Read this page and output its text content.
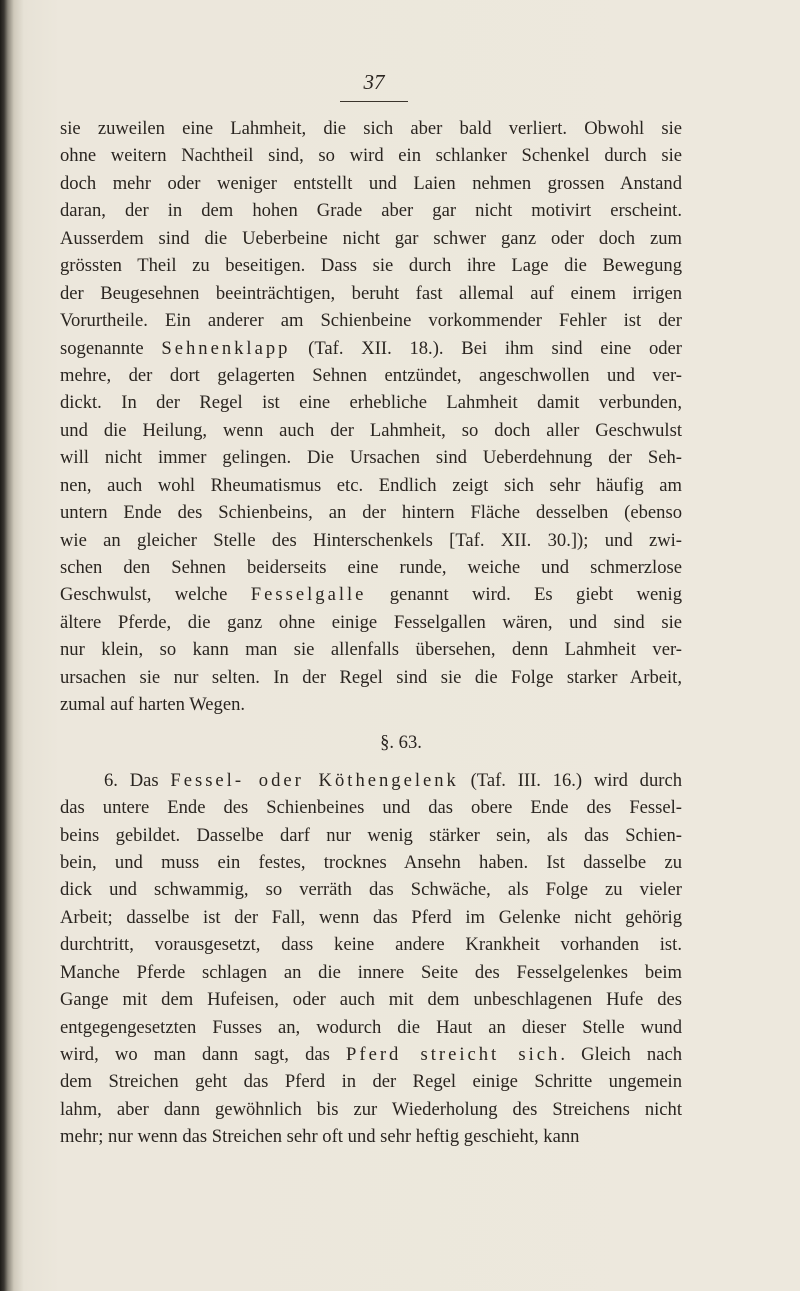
37
sie zuweilen eine Lahmheit, die sich aber bald verliert. Obwohl sie
ohne weitern Nachtheil sind, so wird ein schlanker Schenkel durch sie
doch mehr oder weniger entstellt und Laien nehmen grossen Anstand
daran, der in dem hohen Grade aber gar nicht motivirt erscheint.
Ausserdem sind die Ueberbeine nicht gar schwer ganz oder doch zum
grössten Theil zu beseitigen. Dass sie durch ihre Lage die Bewegung
der Beugesehnen beeinträchtigen, beruht fast allemal auf einem irrigen
Vorurtheile. Ein anderer am Schienbeine vorkommender Fehler ist der
sogenannte Sehnenklapp (Taf. XII. 18.). Bei ihm sind eine oder
mehre, der dort gelagerten Sehnen entzündet, angeschwollen und ver-
dickt. In der Regel ist eine erhebliche Lahmheit damit verbunden,
und die Heilung, wenn auch der Lahmheit, so doch aller Geschwulst
will nicht immer gelingen. Die Ursachen sind Ueberdehnung der Seh-
nen, auch wohl Rheumatismus etc. Endlich zeigt sich sehr häufig am
untern Ende des Schienbeins, an der hintern Fläche desselben (ebenso
wie an gleicher Stelle des Hinterschenkels [Taf. XII. 30.]); und zwi-
schen den Sehnen beiderseits eine runde, weiche und schmerzlose
Geschwulst, welche Fesselgalle genannt wird. Es giebt wenig
ältere Pferde, die ganz ohne einige Fesselgallen wären, und sind sie
nur klein, so kann man sie allenfalls übersehen, denn Lahmheit ver-
ursachen sie nur selten. In der Regel sind sie die Folge starker Arbeit,
zumal auf harten Wegen.
§. 63.
6. Das Fessel- oder Köthengelenk (Taf. III. 16.) wird durch
das untere Ende des Schienbeines und das obere Ende des Fessel-
beins gebildet. Dasselbe darf nur wenig stärker sein, als das Schien-
bein, und muss ein festes, trocknes Ansehn haben. Ist dasselbe zu
dick und schwammig, so verräth das Schwäche, als Folge zu vieler
Arbeit; dasselbe ist der Fall, wenn das Pferd im Gelenke nicht gehörig
durchtritt, vorausgesetzt, dass keine andere Krankheit vorhanden ist.
Manche Pferde schlagen an die innere Seite des Fesselgelenkes beim
Gange mit dem Hufeisen, oder auch mit dem unbeschlagenen Hufe des
entgegengesetzten Fusses an, wodurch die Haut an dieser Stelle wund
wird, wo man dann sagt, das Pferd streicht sich. Gleich nach
dem Streichen geht das Pferd in der Regel einige Schritte ungemein
lahm, aber dann gewöhnlich bis zur Wiederholung des Streichens nicht
mehr; nur wenn das Streichen sehr oft und sehr heftig geschieht, kann
